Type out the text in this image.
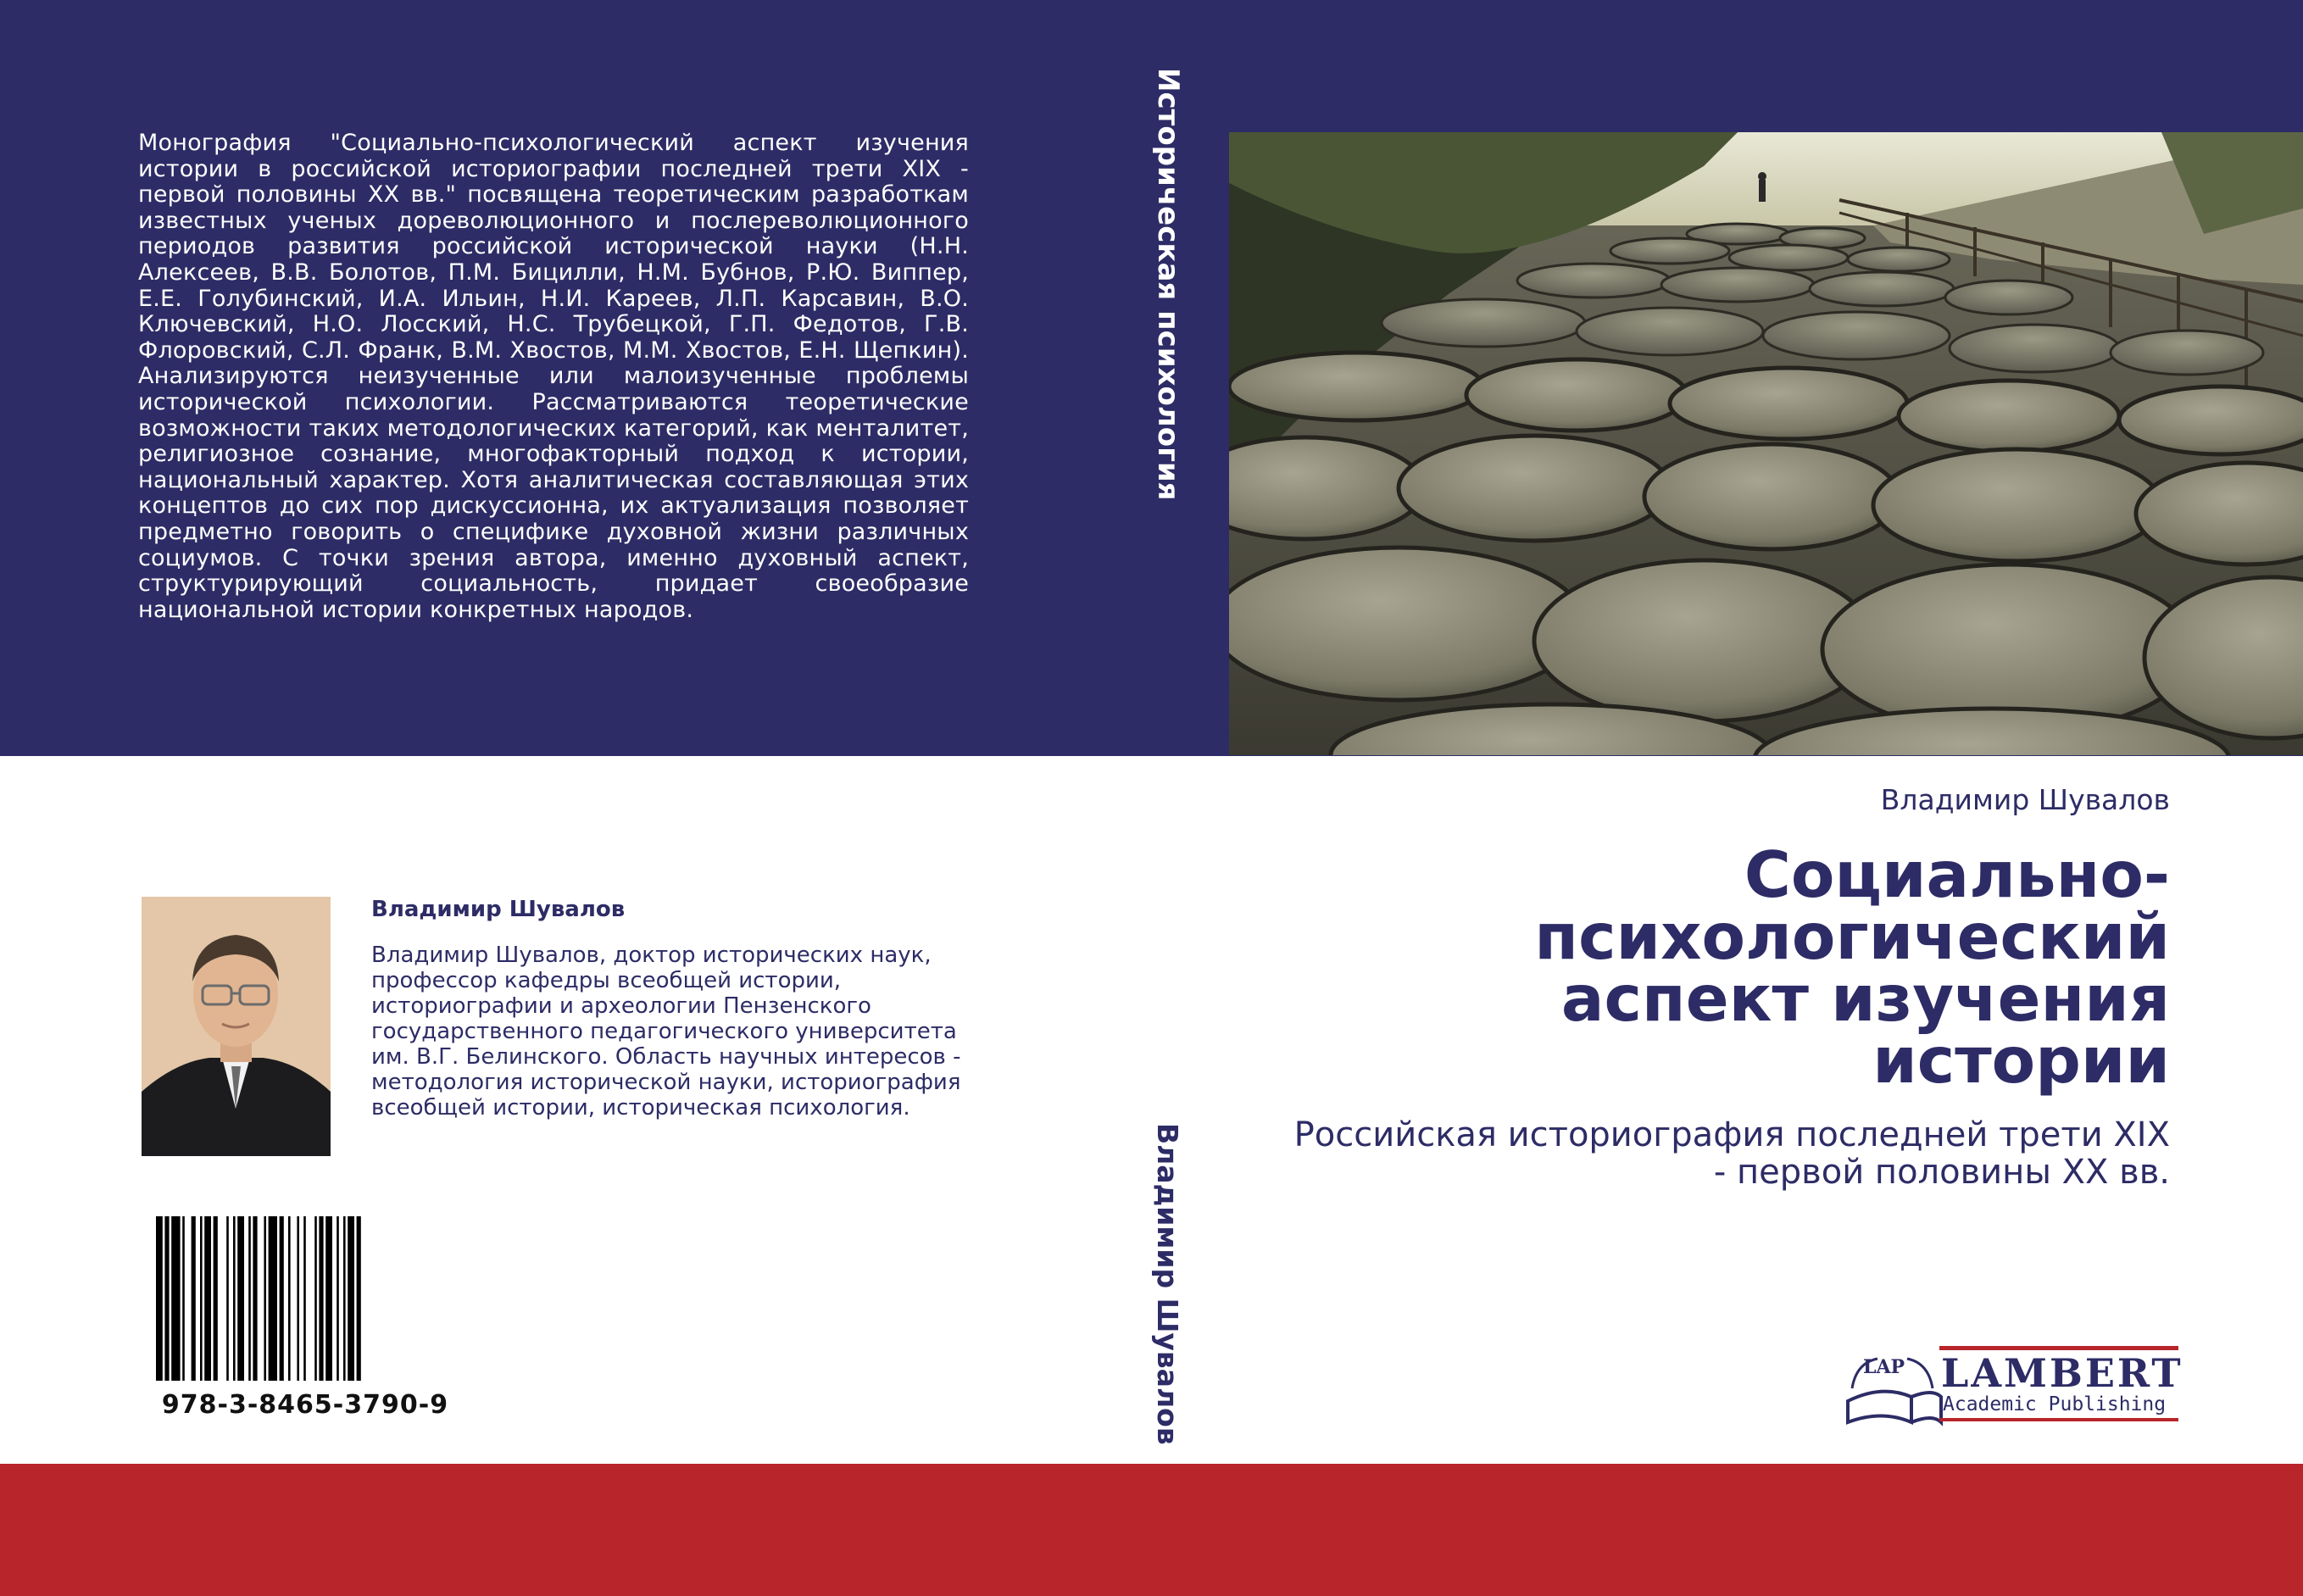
Монография "Социально-психологический аспект изучения истории в российской историографии последней трети XIX - первой половины XX вв." посвящена теоретическим разработкам известных ученых дореволюционного и послереволюционного периодов развития российской исторической науки (Н.Н. Алексеев, В.В. Болотов, П.М. Бицилли, Н.М. Бубнов, Р.Ю. Виппер, Е.Е. Голубинский, И.А. Ильин, Н.И. Кареев, Л.П. Карсавин, В.О. Ключевский, Н.О. Лосский, Н.С. Трубецкой, Г.П. Федотов, Г.В. Флоровский, С.Л. Франк, В.М. Хвостов, М.М. Хвостов, Е.Н. Щепкин). Анализируются неизученные или малоизученные проблемы исторической психологии. Рассматриваются теоретические возможности таких методологических категорий, как менталитет, религиозное сознание, многофакторный подход к истории, национальный характер. Хотя аналитическая составляющая этих концептов до сих пор дискуссионна, их актуализация позволяет предметно говорить о специфике духовной жизни различных социумов. С точки зрения автора, именно духовный аспект, структурирующий социальность, придает своеобразие национальной истории конкретных народов.
Историческая психология
Владимир Шувалов
Владимир Шувалов
Социально-психологический аспект изучения истории
Российская историография последней трети XIX - первой половины XX вв.
Владимир Шувалов
Владимир Шувалов, доктор исторических наук, профессор кафедры всеобщей истории, историографии и археологии Пензенского государственного педагогического университета им. В.Г. Белинского. Область научных интересов - методология исторической науки, историография всеобщей истории, историческая психология.
978-3-8465-3790-9
LAP LAMBERT
Academic Publishing
